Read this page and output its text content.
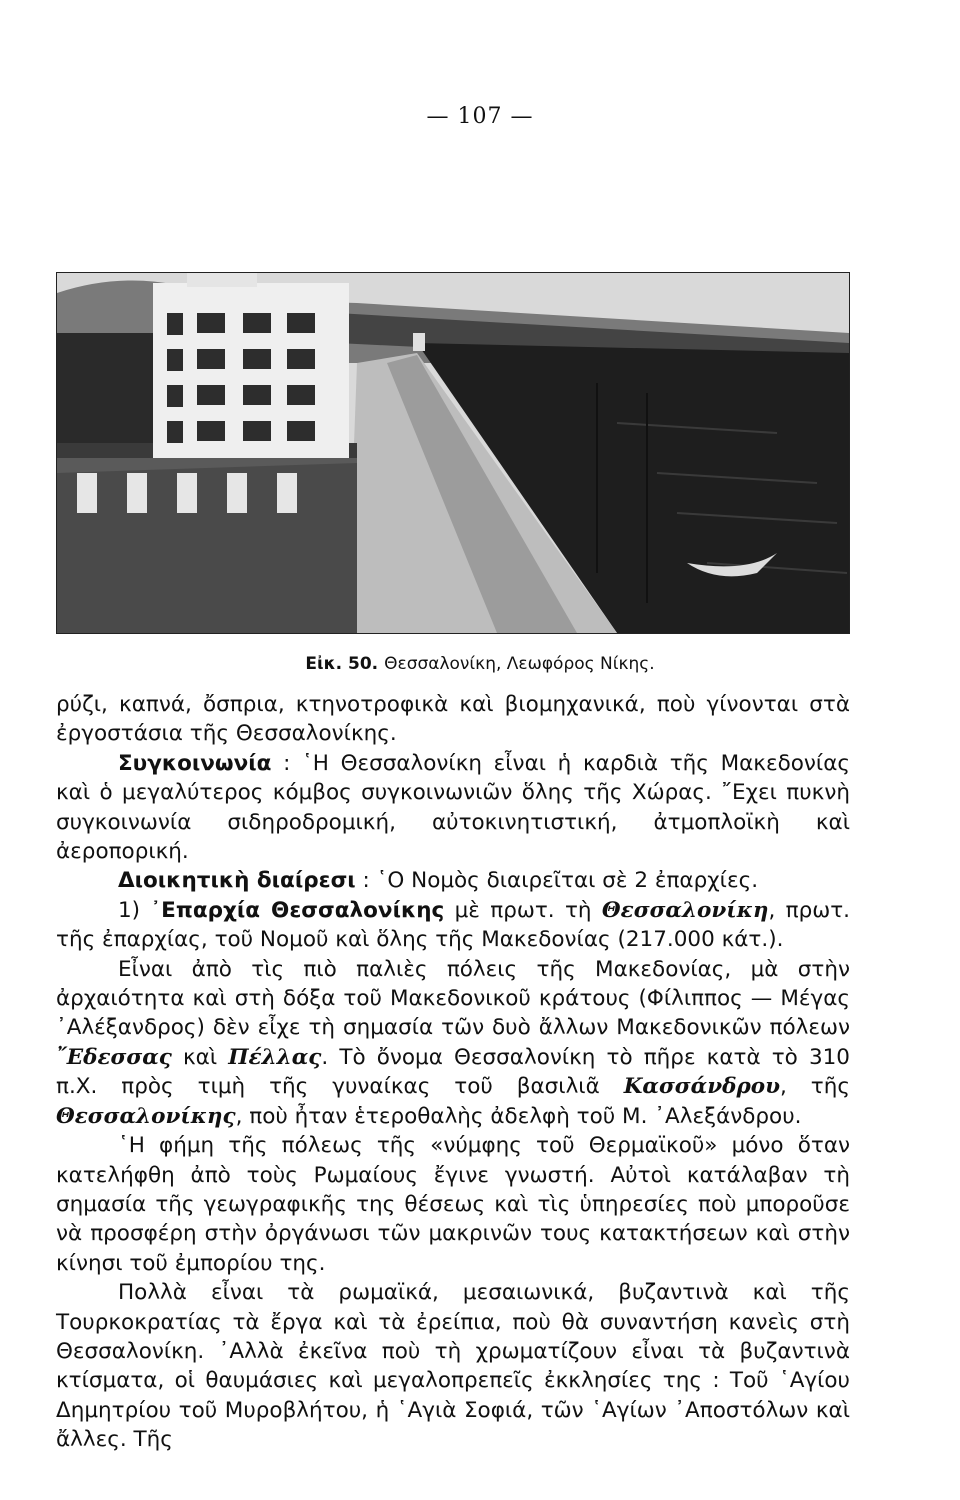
— 107 —
Εἰκ. 50. Θεσσαλονίκη, Λεωφόρος Νίκης.

ρύζι, καπνά, ὄσπρια, κτηνοτροφικὰ καὶ βιομηχανικά, ποὺ γίνονται στὰ ἐργοστάσια τῆς Θεσσαλονίκης.

Συγκοινωνία : ῾Η Θεσσαλονίκη εἶναι ἡ καρδιὰ τῆς Μακεδονίας καὶ ὁ μεγαλύτερος κόμβος συγκοινωνιῶν ὅλης τῆς Χώρας. ῎Εχει πυκνὴ συγκοινωνία σιδηροδρομική, αὐτοκινητιστική, ἀτμοπλοϊκὴ καὶ ἀεροπορική.

Διοικητικὴ διαίρεσι : ῾Ο Νομὸς διαιρεῖται σὲ 2 ἐπαρχίες.

1) ᾿Επαρχία Θεσσαλονίκης μὲ πρωτ. τὴ Θεσσαλονίκη, πρωτ. τῆς ἐπαρχίας, τοῦ Νομοῦ καὶ ὅλης τῆς Μακεδονίας (217.000 κάτ.).

Εἶναι ἀπὸ τὶς πιὸ παλιὲς πόλεις τῆς Μακεδονίας, μὰ στὴν ἀρχαιότητα καὶ στὴ δόξα τοῦ Μακεδονικοῦ κράτους (Φίλιππος — Μέγας ᾿Αλέξανδρος) δὲν εἶχε τὴ σημασία τῶν δυὸ ἄλλων Μακεδονικῶν πόλεων ῎Εδεσσας καὶ Πέλλας. Τὸ ὄνομα Θεσσαλονίκη τὸ πῆρε κατὰ τὸ 310 π.Χ. πρὸς τιμὴ τῆς γυναίκας τοῦ βασιλιᾶ Κασσάνδρου, τῆς Θεσσαλονίκης, ποὺ ἦταν ἑτεροθαλὴς ἀδελφὴ τοῦ Μ. ᾿Αλεξάνδρου.

῾Η φήμη τῆς πόλεως τῆς «νύμφης τοῦ Θερμαϊκοῦ» μόνο ὅταν κατελήφθη ἀπὸ τοὺς Ρωμαίους ἔγινε γνωστή. Αὐτοὶ κατάλαβαν τὴ σημασία τῆς γεωγραφικῆς της θέσεως καὶ τὶς ὑπηρεσίες ποὺ μποροῦσε νὰ προσφέρη στὴν ὀργάνωσι τῶν μακρινῶν τους κατακτήσεων καὶ στὴν κίνησι τοῦ ἐμπορίου της.

Πολλὰ εἶναι τὰ ρωμαϊκά, μεσαιωνικά, βυζαντινὰ καὶ τῆς Τουρκοκρατίας τὰ ἔργα καὶ τὰ ἐρείπια, ποὺ θὰ συναντήση κανεὶς στὴ Θεσσαλονίκη. ᾿Αλλὰ ἐκεῖνα ποὺ τὴ χρωματίζουν εἶναι τὰ βυζαντινὰ κτίσματα, οἱ θαυμάσιες καὶ μεγαλοπρεπεῖς ἐκκλησίες της : Τοῦ ῾Αγίου Δημητρίου τοῦ Μυροβλήτου, ἡ ῾Αγιὰ Σοφιά, τῶν ῾Αγίων ᾿Αποστόλων καὶ ἄλλες. Τῆς
